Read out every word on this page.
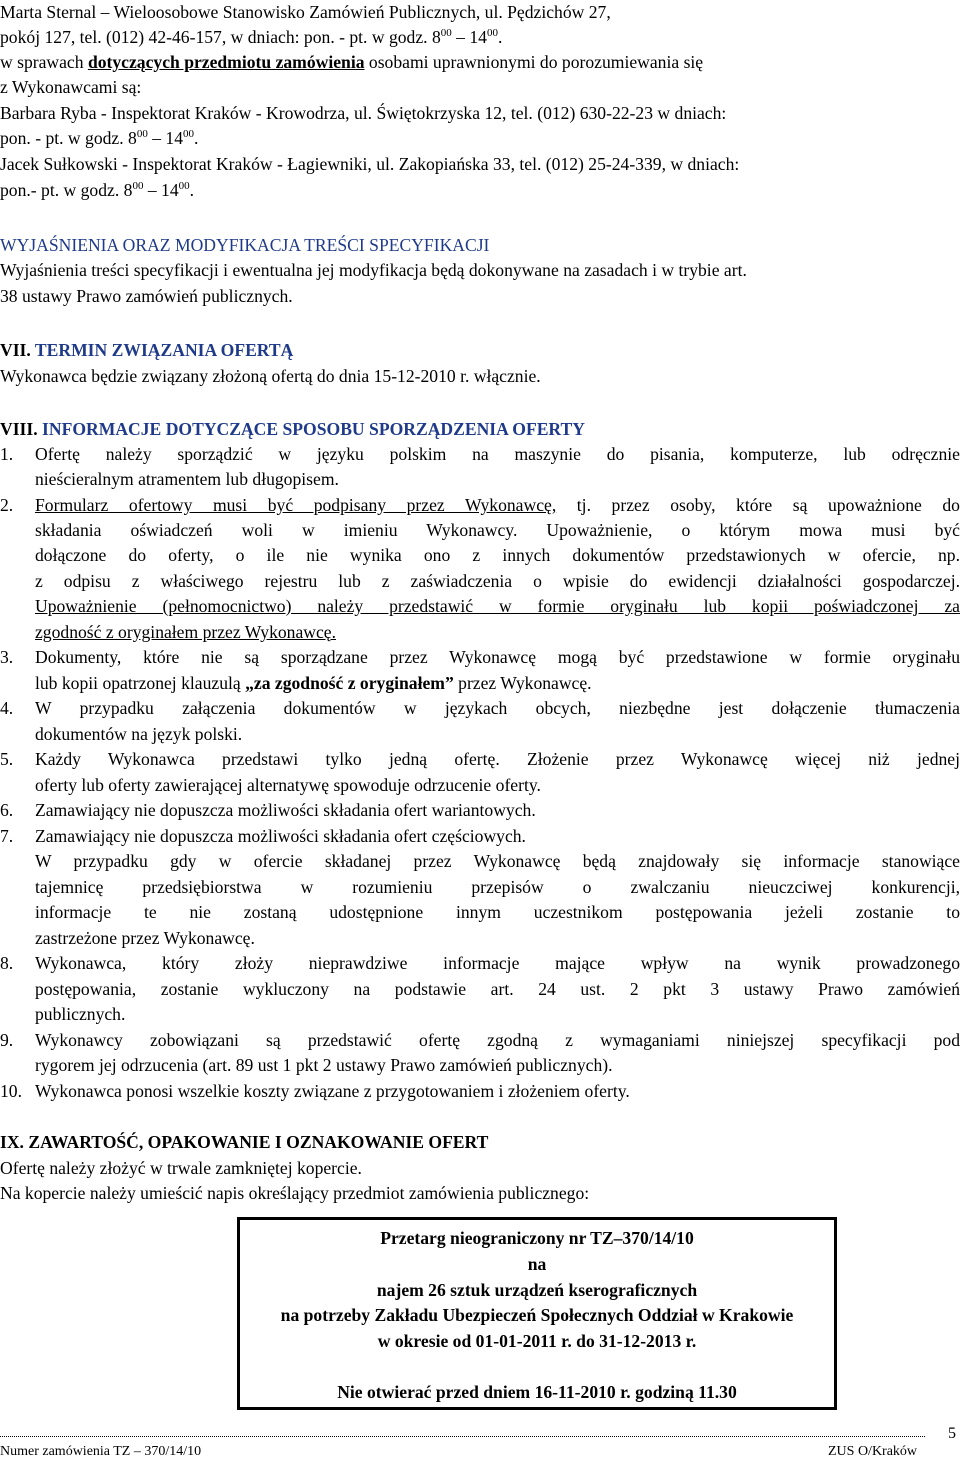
Marta Sternal – Wieloosobowe Stanowisko Zamówień Publicznych, ul. Pędzichów 27,
pokój 127, tel. (012) 42-46-157, w dniach: pon. - pt. w godz. $8^{00} - 14^{00}$.
w sprawach dotyczących przedmiotu zamówienia osobami uprawnionymi do porozumiewania się
z Wykonawcami są:
Barbara Ryba - Inspektorat Kraków - Krowodrza, ul. Świętokrzyska 12, tel. (012) 630-22-23 w dniach:
pon. - pt. w godz. $8^{00} - 14^{00}$.
Jacek Sułkowski - Inspektorat Kraków - Łagiewniki, ul. Zakopiańska 33, tel. (012) 25-24-339, w dniach:
pon.- pt. w godz. $8^{00} - 14^{00}$.
WYJAŚNIENIA ORAZ MODYFIKACJA TREŚCI SPECYFIKACJI
Wyjaśnienia treści specyfikacji i ewentualna jej modyfikacja będą dokonywane na zasadach i w trybie art.
38 ustawy Prawo zamówień publicznych.
VII. TERMIN ZWIĄZANIA OFERTĄ
Wykonawca będzie związany złożoną ofertą do dnia 15-12-2010 r. włącznie.
VIII. INFORMACJE DOTYCZĄCE SPOSOBU SPORZĄDZENIA OFERTY
1. Ofertę należy sporządzić w języku polskim na maszynie do pisania, komputerze, lub odręcznie
nieścieralnym atramentem lub długopisem.
2. Formularz ofertowy musi być podpisany przez Wykonawcę, tj. przez osoby, które są upoważnione do
składania oświadczeń woli w imieniu Wykonawcy. Upoważnienie, o którym mowa musi być
dołączone do oferty, o ile nie wynika ono z innych dokumentów przedstawionych w ofercie, np.
z odpisu z właściwego rejestru lub z zaświadczenia o wpisie do ewidencji działalności gospodarczej.
Upoważnienie (pełnomocnictwo) należy przedstawić w formie oryginału lub kopii poświadczonej za
zgodność z oryginałem przez Wykonawcę.
3. Dokumenty, które nie są sporządzane przez Wykonawcę mogą być przedstawione w formie oryginału
lub kopii opatrzonej klauzulą „za zgodność z oryginałem” przez Wykonawcę.
4. W przypadku załączenia dokumentów w językach obcych, niezbędne jest dołączenie tłumaczenia
dokumentów na język polski.
5. Każdy Wykonawca przedstawi tylko jedną ofertę. Złożenie przez Wykonawcę więcej niż jednej
oferty lub oferty zawierającej alternatywę spowoduje odrzucenie oferty.
6. Zamawiający nie dopuszcza możliwości składania ofert wariantowych.
7. Zamawiający nie dopuszcza możliwości składania ofert częściowych.
W przypadku gdy w ofercie składanej przez Wykonawcę będą znajdowały się informacje stanowiące
tajemnicę przedsiębiorstwa w rozumieniu przepisów o zwalczaniu nieuczciwej konkurencji,
informacje te nie zostaną udostępnione innym uczestnikom postępowania jeżeli zostanie to
zastrzeżone przez Wykonawcę.
8. Wykonawca, który złoży nieprawdziwe informacje mające wpływ na wynik prowadzonego
postępowania, zostanie wykluczony na podstawie art. 24 ust. 2 pkt 3 ustawy Prawo zamówień
publicznych.
9. Wykonawcy zobowiązani są przedstawić ofertę zgodną z wymaganiami niniejszej specyfikacji pod
rygorem jej odrzucenia (art. 89 ust 1 pkt 2 ustawy Prawo zamówień publicznych).
10. Wykonawca ponosi wszelkie koszty związane z przygotowaniem i złożeniem oferty.
IX. ZAWARTOŚĆ, OPAKOWANIE I OZNAKOWANIE OFERT
Ofertę należy złożyć w trwale zamkniętej kopercie.
Na kopercie należy umieścić napis określający przedmiot zamówienia publicznego:
Przetarg nieograniczony nr TZ–370/14/10
na
najem 26 sztuk urządzeń kserograficznych
na potrzeby Zakładu Ubezpieczeń Społecznych Oddział w Krakowie
w okresie od 01-01-2011 r. do 31-12-2013 r.
Nie otwierać przed dniem 16-11-2010 r. godziną 11.30
Numer zamówienia TZ – 370/14/10	ZUS O/Kraków
5
